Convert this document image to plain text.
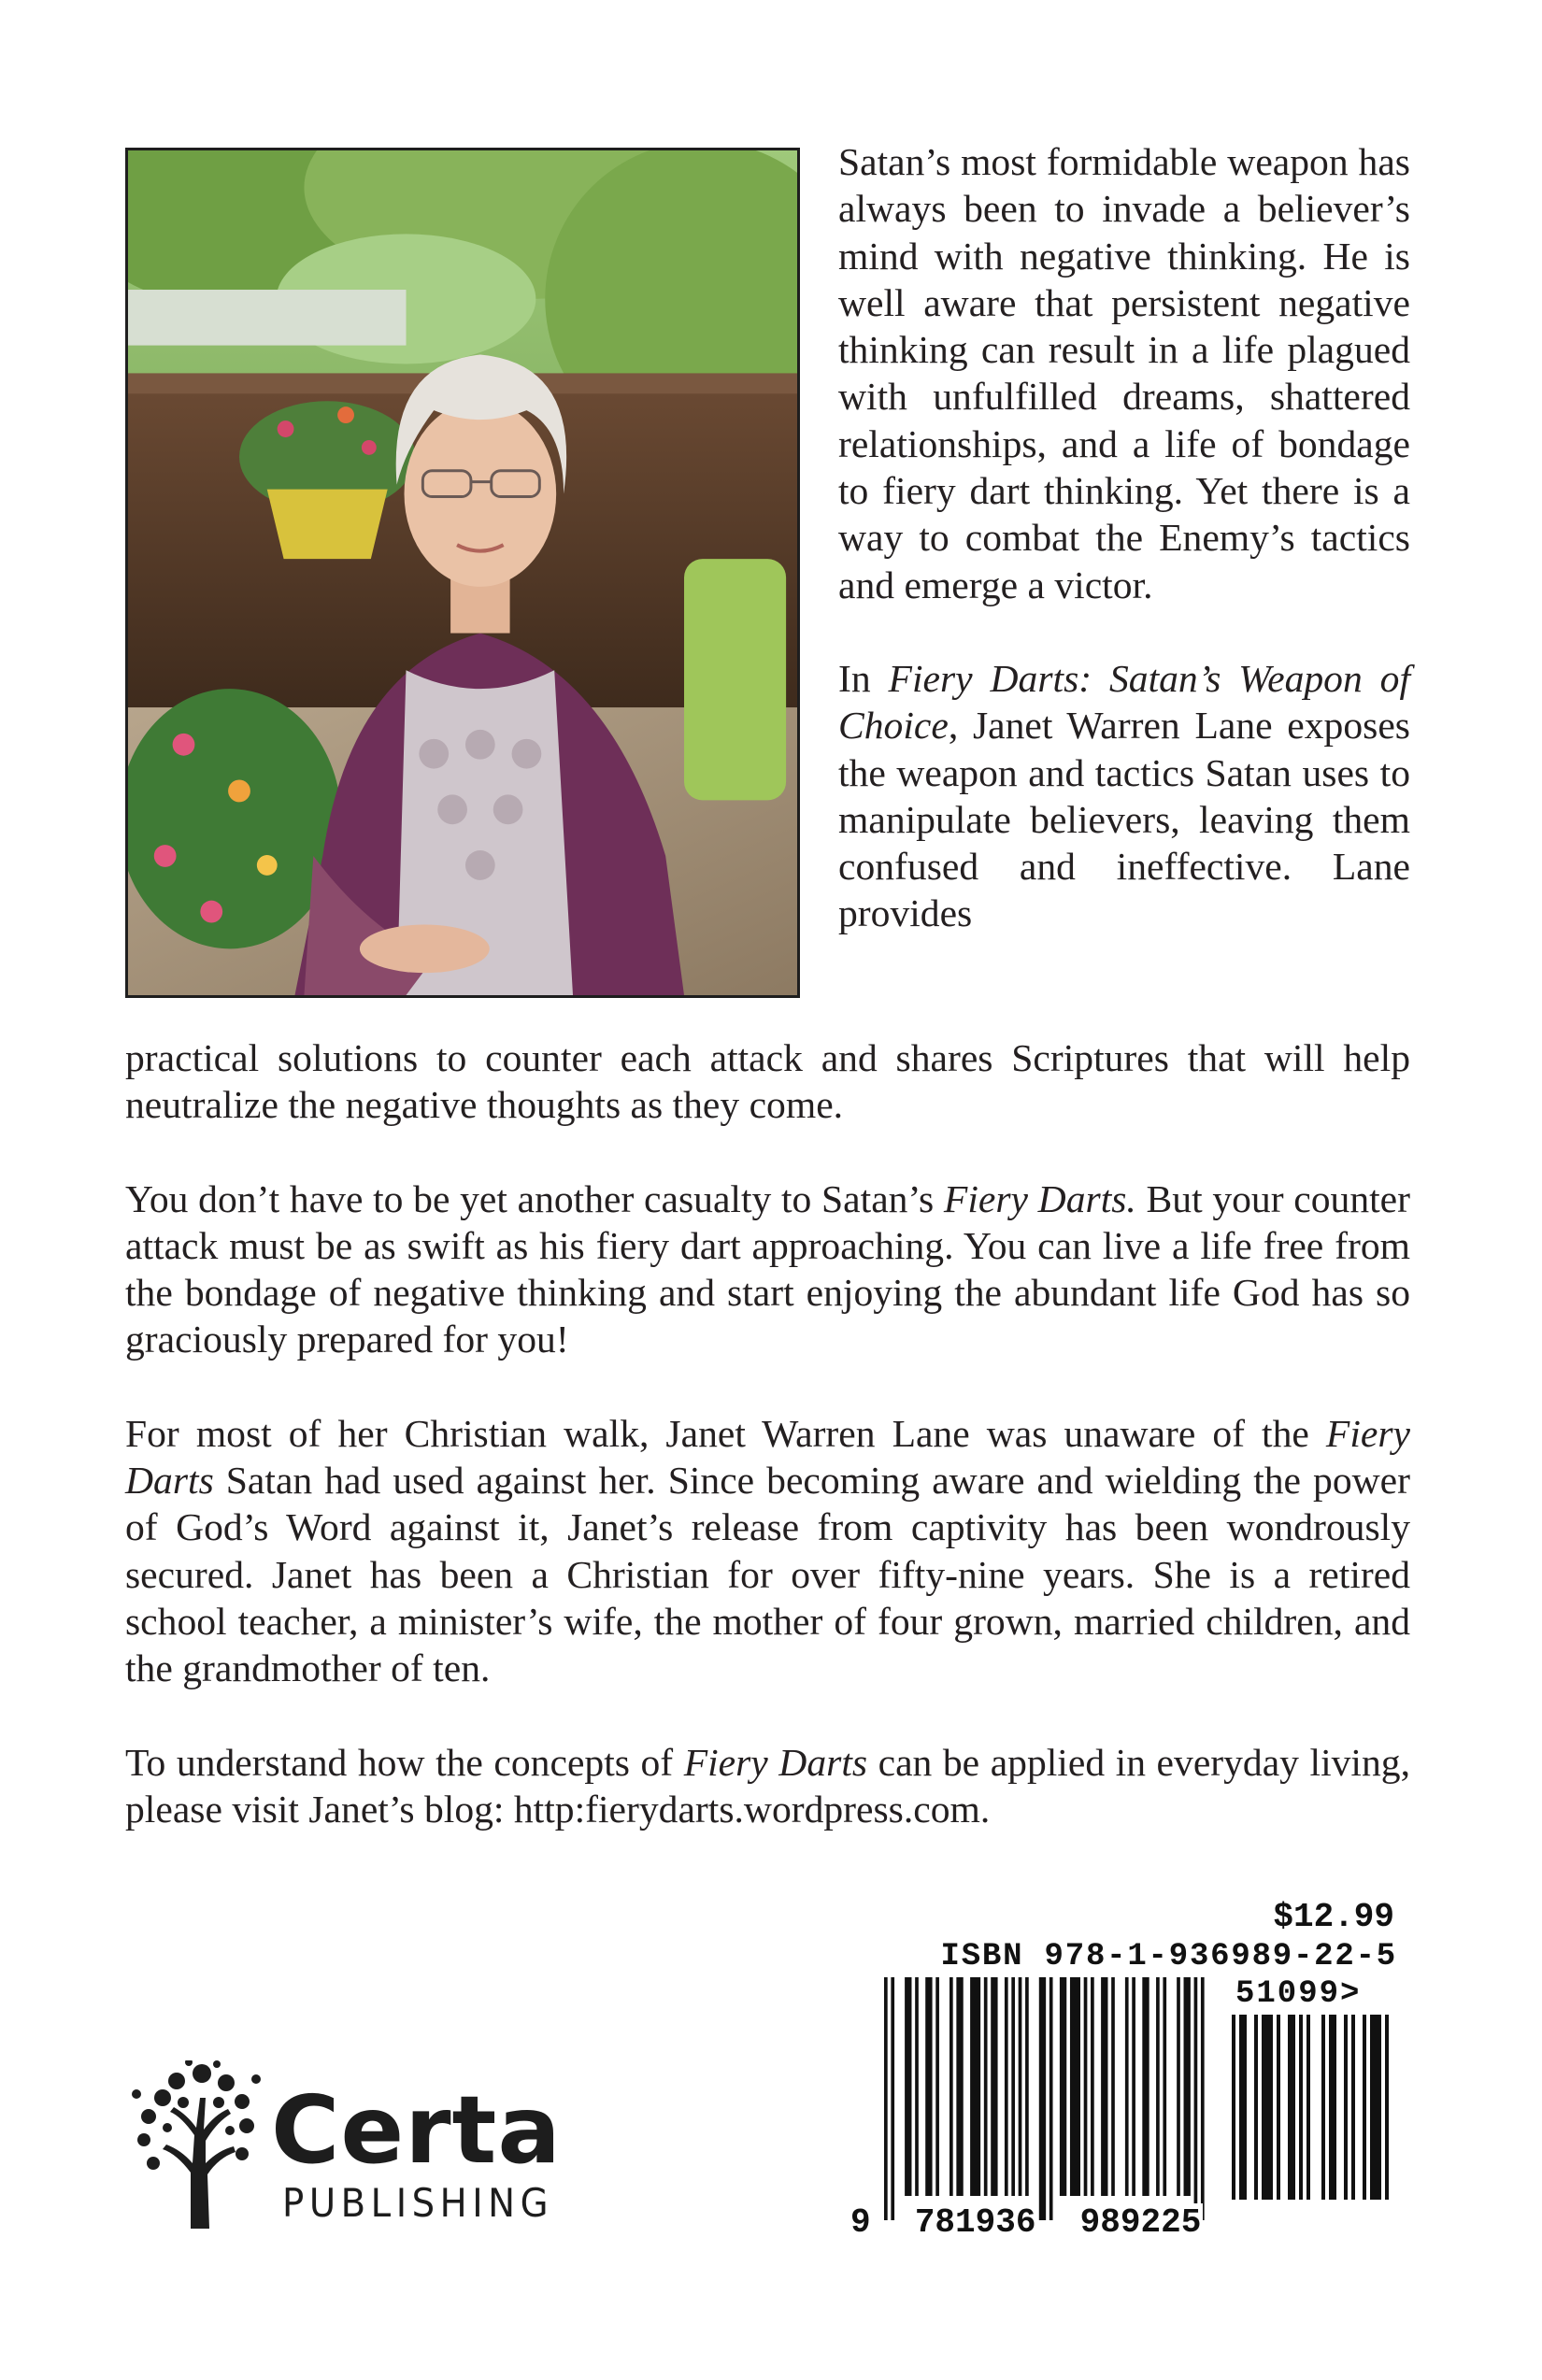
Satan’s most formidable weapon has always been to invade a believer’s mind with negative thinking. He is well aware that persistent negative thinking can result in a life plagued with unfulfilled dreams, shattered relationships, and a life of bondage to fiery dart thinking. Yet there is a way to combat the Enemy’s tactics and emerge a victor.

In Fiery Darts: Satan’s Weapon of Choice, Janet Warren Lane exposes the weapon and tactics Satan uses to manipulate believers, leaving them confused and ineffective. Lane provides

practical solutions to counter each attack and shares Scriptures that will help neutralize the negative thoughts as they come.

You don’t have to be yet another casualty to Satan’s Fiery Darts. But your counter attack must be as swift as his fiery dart approaching. You can live a life free from the bondage of negative thinking and start enjoying the abundant life God has so graciously prepared for you!

For most of her Christian walk, Janet Warren Lane was unaware of the Fiery Darts Satan had used against her. Since becoming aware and wielding the power of God’s Word against it, Janet’s release from captivity has been wondrously secured. Janet has been a Christian for over fifty-nine years. She is a retired school teacher, a minister’s wife, the mother of four grown, married children, and the grandmother of ten.

To understand how the concepts of Fiery Darts can be applied in everyday living, please visit Janet’s blog: http:fierydarts.wordpress.com.

$12.99
ISBN 978-1-936989-22-5
51099>
9 781936 989225
Certa
PUBLISHING
